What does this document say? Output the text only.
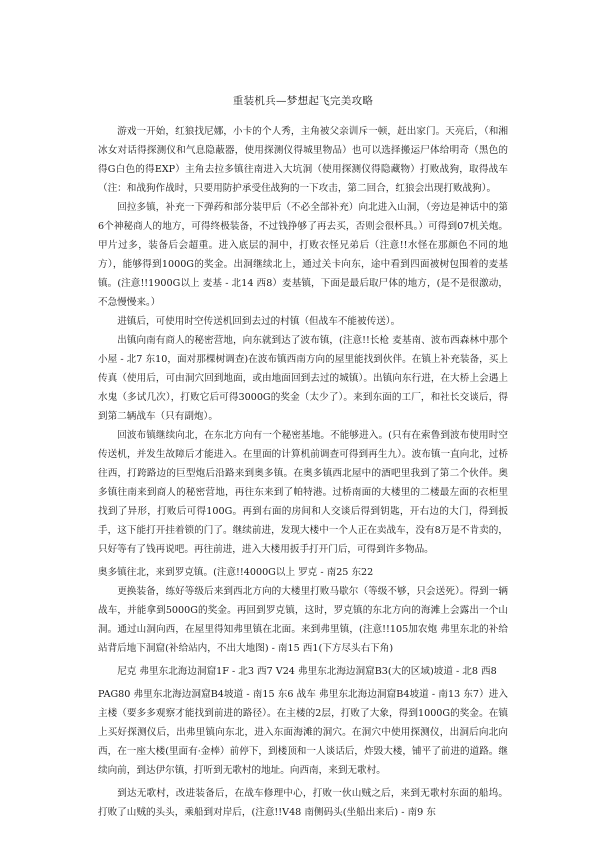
重装机兵—梦想起飞完美攻略

游戏一开始，红狼找尼娜，小卡的个人秀，主角被父亲训斥一顿，赶出家门。天亮后，（和湘冰女对话得探测仪和气息隐蔽器，使用探测仪得城里物品）也可以选择搬运尸体给明奇（黑色的得G白色的得EXP）主角去拉多镇往南进入大坑洞（使用探测仪得隐藏物）打败战狗，取得战车（注：和战狗作战时，只要用防护承受住战狗的一下攻击，第二回合，红狼会出现打败战狗）。

回拉多镇，补充一下弹药和部分装甲后（不必全部补充）向北进入山洞，（旁边是神话中的第6个神秘商人的地方，可得终极装备，不过钱挣够了再去买，否则会很杯具。）可得到07机关炮。甲片过多，装备后会超重。进入底层的洞中，打败衣怪兄弟后（注意!!水怪在那颜色不同的地方），能够得到1000G的奖金。出洞继续北上，通过关卡向东，途中看到四面被树包围着的麦基镇。(注意!!1900G以上 麦基 - 北14 西8）麦基镇，下面是最后取尸体的地方，(是不是很激动，不急慢慢来。）

进镇后，可使用时空传送机回到去过的村镇（但战车不能被传送）。

出镇向南有商人的秘密营地，向东就到达了波布镇，(注意!!长枪 麦基南、波布西森林中那个小屋 - 北7 东10，面对那棵树调查)在波布镇西南方向的屋里能找到伙伴。在镇上补充装备，买上传真（使用后，可由洞穴回到地面，或由地面回到去过的城镇）。出镇向东行进，在大桥上会遇上水鬼（多试几次），打败它后可得3000G的奖金（太少了）。来到东面的工厂，和社长交谈后，得到第二辆战车（只有副炮）。

回波布镇继续向北，在东北方向有一个秘密基地。不能够进入。(只有在索鲁到波布使用时空传送机，并发生故障后才能进入。在里面的计算机前调查可得到再生九）。波布镇一直向北，过桥往西，打跨路边的巨型炮后沿路来到奥多镇。在奥多镇西北屋中的酒吧里我到了第二个伙伴。奥多镇往南来到商人的秘密营地，再往东来到了帕特港。过桥南面的大楼里的二楼最左面的衣柜里找到了异形，打败后可得100G。再到右面的房间和人交谈后得到钥匙，开右边的大门，得到扳手，这下能打开挂着锁的门了。继续前进，发现大楼中一个人正在卖战车，没有8万是不肯卖的，只好等有了钱再说吧。再往前进，进入大楼用扳手打开门后，可得到许多物品。

奥多镇往北，来到罗克镇。(注意!!4000G以上 罗克 - 南25 东22

更换装备，练好等级后来到西北方向的大楼里打败马歇尔（等级不够，只会送死）。得到一辆战车，并能拿到5000G的奖金。再回到罗克镇，这时，罗克镇的东北方向的海滩上会露出一个山洞。通过山洞向西，在屋里得知弗里镇在北面。来到弗里镇，(注意!!105加农炮 弗里东北的补给站背后地下洞窟(补给站内，不出大地图) - 南15 西1(下方尽头右下角)

尼克 弗里东北海边洞窟1F - 北3 西7 V24 弗里东北海边洞窟B3(大的区域)坡道 - 北8 西8

PAG80 弗里东北海边洞窟B4坡道 - 南15 东6 战车 弗里东北海边洞窟B4坡道 - 南13 东7）进入主楼（要多多观察才能找到前进的路径）。在主楼的2层，打败了大象，得到1000G的奖金。在镇上买好探测仪后，出弗里镇向东北，进入东面海滩的洞穴。在洞穴中使用探测仪，出洞后向北向西，在一座大楼(里面有·金棒）前停下，到楼顶和一人谈话后，炸毁大楼，铺平了前进的道路。继续向前，到达伊尔镇，打听到无歌村的地址。向西南，来到无歌村。

到达无歌村，改进装备后，在战车修理中心，打败一伙山贼之后，来到无歌村东面的船坞。打败了山贼的头头，乘船到对岸后，(注意!!V48 南侧码头(坐船出来后) - 南9 东
